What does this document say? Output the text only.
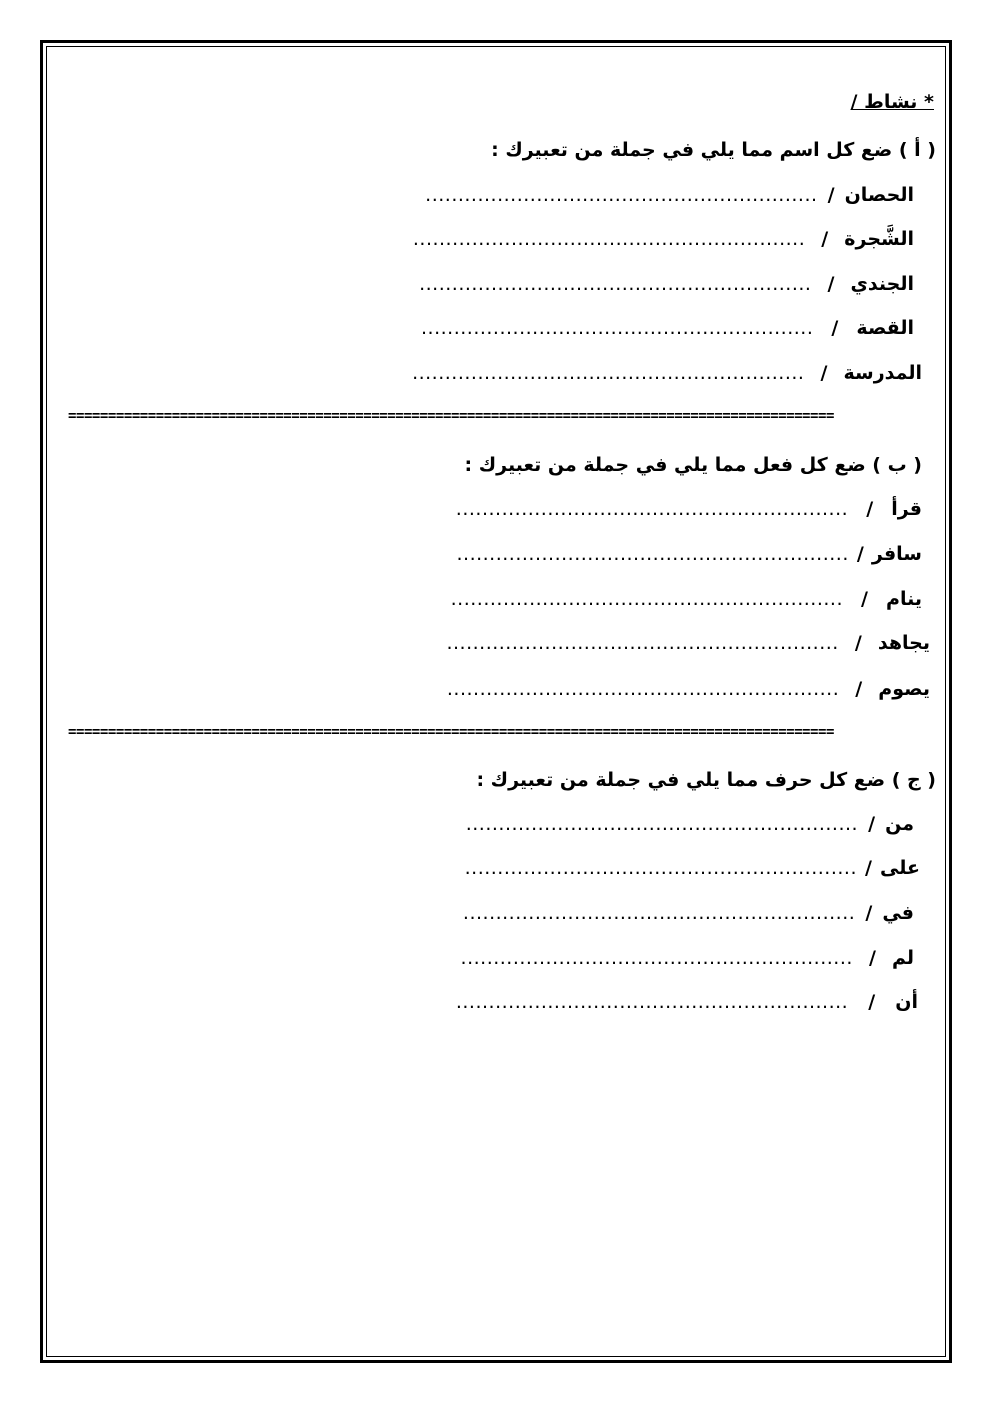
* نشاط /
( أ ) ضع كل اسم مما يلي في جملة من تعبيرك :
الحصان / ............................................................
الشَّجرة / ............................................................
الجندي / ............................................................
القصة / ............................................................
المدرسة / ............................................................
================================================================================================
( ب ) ضع كل فعل مما يلي في جملة من تعبيرك :
قرأ / ............................................................
سافر / ............................................................
ينام / ............................................................
يجاهد / ............................................................
يصوم / ............................................................
================================================================================================
( ج ) ضع كل حرف مما يلي في جملة من تعبيرك :
من / ............................................................
على / ............................................................
في / ............................................................
لم / ............................................................
أن / ............................................................
